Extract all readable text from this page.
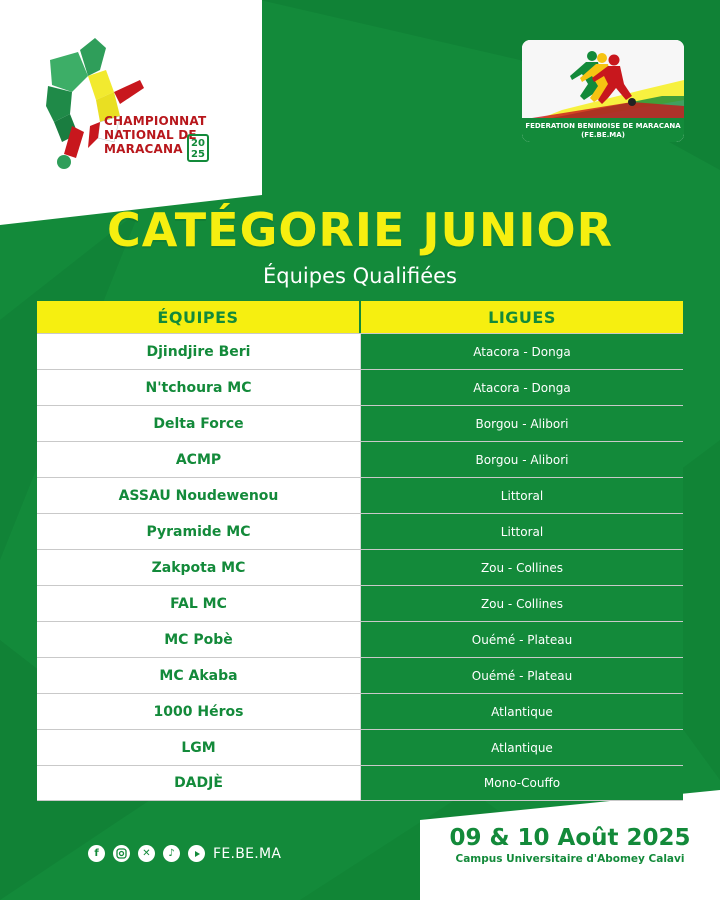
CHAMPIONNAT
NATIONAL DE
MARACANA 20
25
FEDERATION BENINOISE DE MARACANA
(FE.BE.MA)
CATÉGORIE JUNIOR
Équipes Qualifiées
ÉQUIPES	LIGUES
Djindjire Beri	Atacora - Donga
N'tchoura MC	Atacora - Donga
Delta Force	Borgou - Alibori
ACMP	Borgou - Alibori
ASSAU Noudewenou	Littoral
Pyramide MC	Littoral
Zakpota MC	Zou - Collines
FAL MC	Zou - Collines
MC Pobè	Ouémé - Plateau
MC Akaba	Ouémé - Plateau
1000 Héros	Atlantique
LGM	Atlantique
DADJÈ	Mono-Couffo
f	✕	♪	FE.BE.MA
09 & 10 Août 2025
Campus Universitaire d'Abomey Calavi
